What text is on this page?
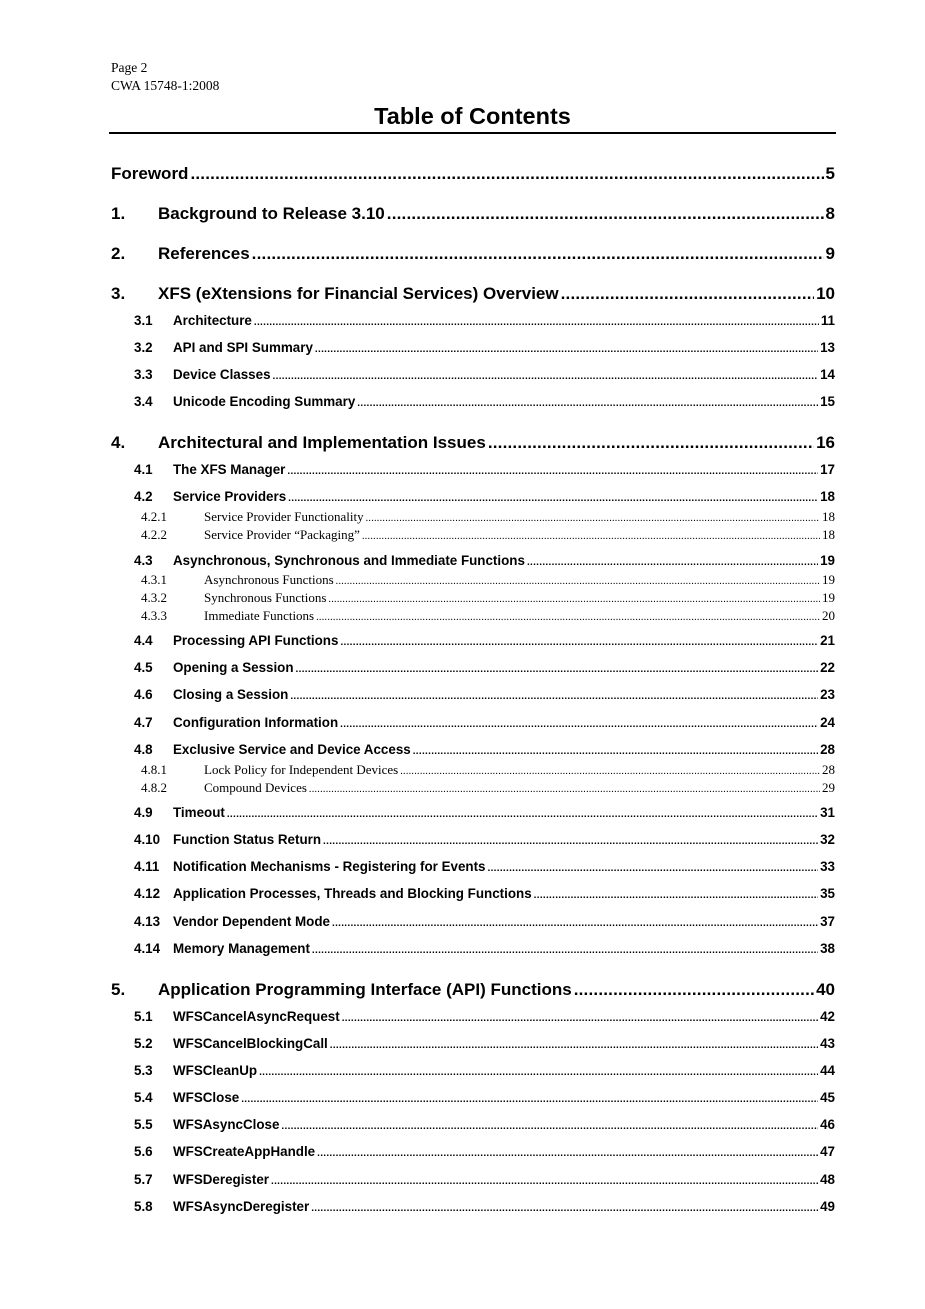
Page 2
CWA 15748-1:2008
Table of Contents
Foreword .....	5
1.	Background to Release 3.10 .....	8
2.	References .....	9
3.	XFS (eXtensions for Financial Services) Overview .....	10
3.1	Architecture .....	11
3.2	API and SPI Summary .....	13
3.3	Device Classes .....	14
3.4	Unicode Encoding Summary .....	15
4.	Architectural and Implementation Issues .....	16
4.1	The XFS Manager .....	17
4.2	Service Providers .....	18
4.2.1	Service Provider Functionality .....	18
4.2.2	Service Provider “Packaging” .....	18
4.3	Asynchronous, Synchronous and Immediate Functions .....	19
4.3.1	Asynchronous Functions .....	19
4.3.2	Synchronous Functions .....	19
4.3.3	Immediate Functions .....	20
4.4	Processing API Functions .....	21
4.5	Opening a Session .....	22
4.6	Closing a Session .....	23
4.7	Configuration Information .....	24
4.8	Exclusive Service and Device Access .....	28
4.8.1	Lock Policy for Independent Devices .....	28
4.8.2	Compound Devices .....	29
4.9	Timeout .....	31
4.10 Function Status Return .....	32
4.11	Notification Mechanisms - Registering for Events .....	33
4.12 Application Processes, Threads and Blocking Functions .....	35
4.13 Vendor Dependent Mode .....	37
4.14 Memory Management .....	38
5.	Application Programming Interface (API) Functions .....	40
5.1	WFSCancelAsyncRequest .....	42
5.2	WFSCancelBlockingCall .....	43
5.3	WFSCleanUp .....	44
5.4	WFSClose .....	45
5.5	WFSAsyncClose .....	46
5.6	WFSCreateAppHandle .....	47
5.7	WFSDeregister .....	48
5.8	WFSAsyncDeregister .....	49
